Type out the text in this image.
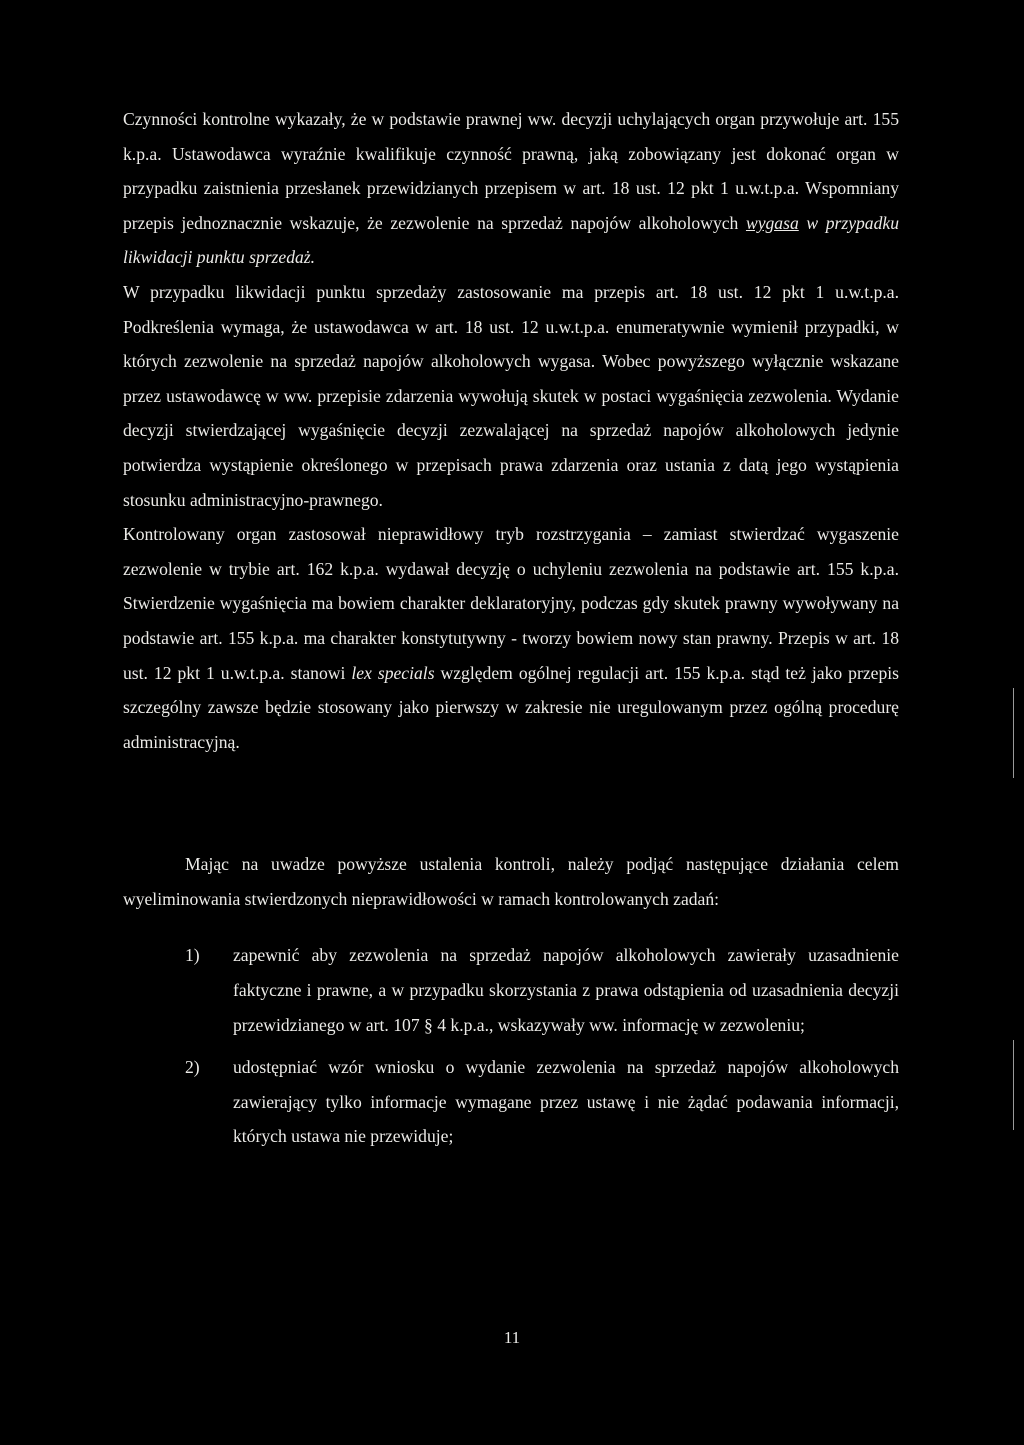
Czynności kontrolne wykazały, że w podstawie prawnej ww. decyzji uchylających organ przywołuje art. 155 k.p.a. Ustawodawca wyraźnie kwalifikuje czynność prawną, jaką zobowiązany jest dokonać organ w przypadku zaistnienia przesłanek przewidzianych przepisem w art. 18 ust. 12 pkt 1 u.w.t.p.a. Wspomniany przepis jednoznacznie wskazuje, że zezwolenie na sprzedaż napojów alkoholowych wygasa w przypadku likwidacji punktu sprzedaż.

W przypadku likwidacji punktu sprzedaży zastosowanie ma przepis art. 18 ust. 12 pkt 1 u.w.t.p.a. Podkreślenia wymaga, że ustawodawca w art. 18 ust. 12 u.w.t.p.a. enumeratywnie wymienił przypadki, w których zezwolenie na sprzedaż napojów alkoholowych wygasa. Wobec powyższego wyłącznie wskazane przez ustawodawcę w ww. przepisie zdarzenia wywołują skutek w postaci wygaśnięcia zezwolenia. Wydanie decyzji stwierdzającej wygaśnięcie decyzji zezwalającej na sprzedaż napojów alkoholowych jedynie potwierdza wystąpienie określonego w przepisach prawa zdarzenia oraz ustania z datą jego wystąpienia stosunku administracyjno-prawnego.

Kontrolowany organ zastosował nieprawidłowy tryb rozstrzygania – zamiast stwierdzać wygaszenie zezwolenie w trybie art. 162 k.p.a. wydawał decyzję o uchyleniu zezwolenia na podstawie art. 155 k.p.a. Stwierdzenie wygaśnięcia ma bowiem charakter deklaratoryjny, podczas gdy skutek prawny wywoływany na podstawie art. 155 k.p.a. ma charakter konstytutywny - tworzy bowiem nowy stan prawny. Przepis w art. 18 ust. 12 pkt 1 u.w.t.p.a. stanowi lex specials względem ogólnej regulacji art. 155 k.p.a. stąd też jako przepis szczególny zawsze będzie stosowany jako pierwszy w zakresie nie uregulowanym przez ogólną procedurę administracyjną.

Mając na uwadze powyższe ustalenia kontroli, należy podjąć następujące działania celem wyeliminowania stwierdzonych nieprawidłowości w ramach kontrolowanych zadań:

1) zapewnić aby zezwolenia na sprzedaż napojów alkoholowych zawierały uzasadnienie faktyczne i prawne, a w przypadku skorzystania z prawa odstąpienia od uzasadnienia decyzji przewidzianego w art. 107 § 4 k.p.a., wskazywały ww. informację w zezwoleniu;
2) udostępniać wzór wniosku o wydanie zezwolenia na sprzedaż napojów alkoholowych zawierający tylko informacje wymagane przez ustawę i nie żądać podawania informacji, których ustawa nie przewiduje;
11
